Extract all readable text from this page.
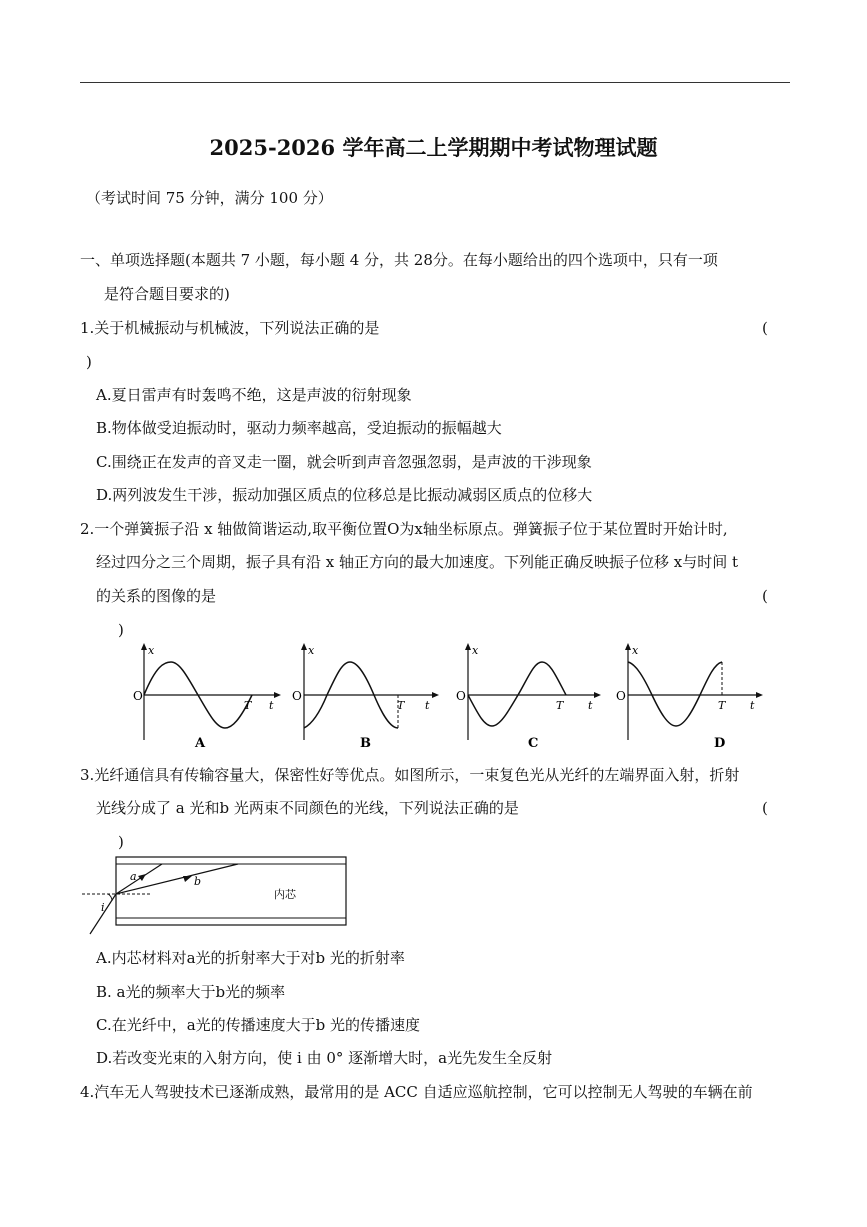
2025-2026 学年高二上学期期中考试物理试题
（考试时间 75 分钟，满分 100 分）
一、单项选择题(本题共 7 小题，每小题 4 分，共 28分。在每小题给出的四个选项中，只有一项
是符合题目要求的)
1.关于机械振动与机械波，下列说法正确的是	(
)
A.夏日雷声有时轰鸣不绝，这是声波的衍射现象
B.物体做受迫振动时，驱动力频率越高，受迫振动的振幅越大
C.围绕正在发声的音叉走一圈，就会听到声音忽强忽弱，是声波的干涉现象
D.两列波发生干涉，振动加强区质点的位移总是比振动减弱区质点的位移大
2.一个弹簧振子沿 x 轴做简谐运动,取平衡位置O为x轴坐标原点。弹簧振子位于某位置时开始计时,
经过四分之三个周期，振子具有沿 x 轴正方向的最大加速度。下列能正确反映振子位移 x与时间 t
的关系的图像的是	(
)
x
O
T t
A
x
O
T t
B
x
O
T t
C
x
O
T t
D
3.光纤通信具有传输容量大，保密性好等优点。如图所示，一束复色光从光纤的左端界面入射，折射
光线分成了 a 光和b 光两束不同颜色的光线，下列说法正确的是	(
)
a	b
i
内芯
A.内芯材料对a光的折射率大于对b 光的折射率
B. a光的频率大于b光的频率
C.在光纤中，a光的传播速度大于b 光的传播速度
D.若改变光束的入射方向，使 i 由 0° 逐渐增大时，a光先发生全反射
4.汽车无人驾驶技术已逐渐成熟，最常用的是 ACC 自适应巡航控制，它可以控制无人驾驶的车辆在前
